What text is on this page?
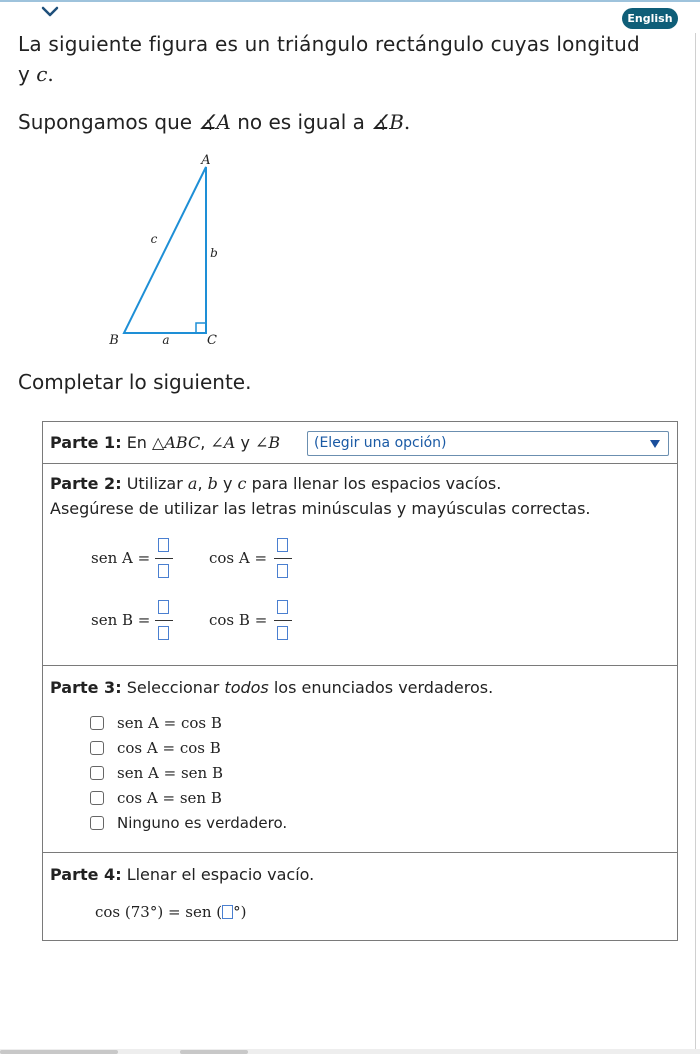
English
La siguiente figura es un triángulo rectángulo cuyas longitud
y c.
Supongamos que ∡A no es igual a ∡B.
A
B	C
a
b
c
Completar lo siguiente.
Parte 1: En △ABC, ∠A y ∠B (Elegir una opción)
Parte 2: Utilizar a, b y c para llenar los espacios vacíos.
Asegúrese de utilizar las letras minúsculas y mayúsculas correctas.
sen A =	cos A =
sen B =	cos B =
Parte 3: Seleccionar todos los enunciados verdaderos.
sen A = cos B
cos A = cos B
sen A = sen B
cos A = sen B
Ninguno es verdadero.
Parte 4: Llenar el espacio vacío.
cos (73°) = sen ( °)
